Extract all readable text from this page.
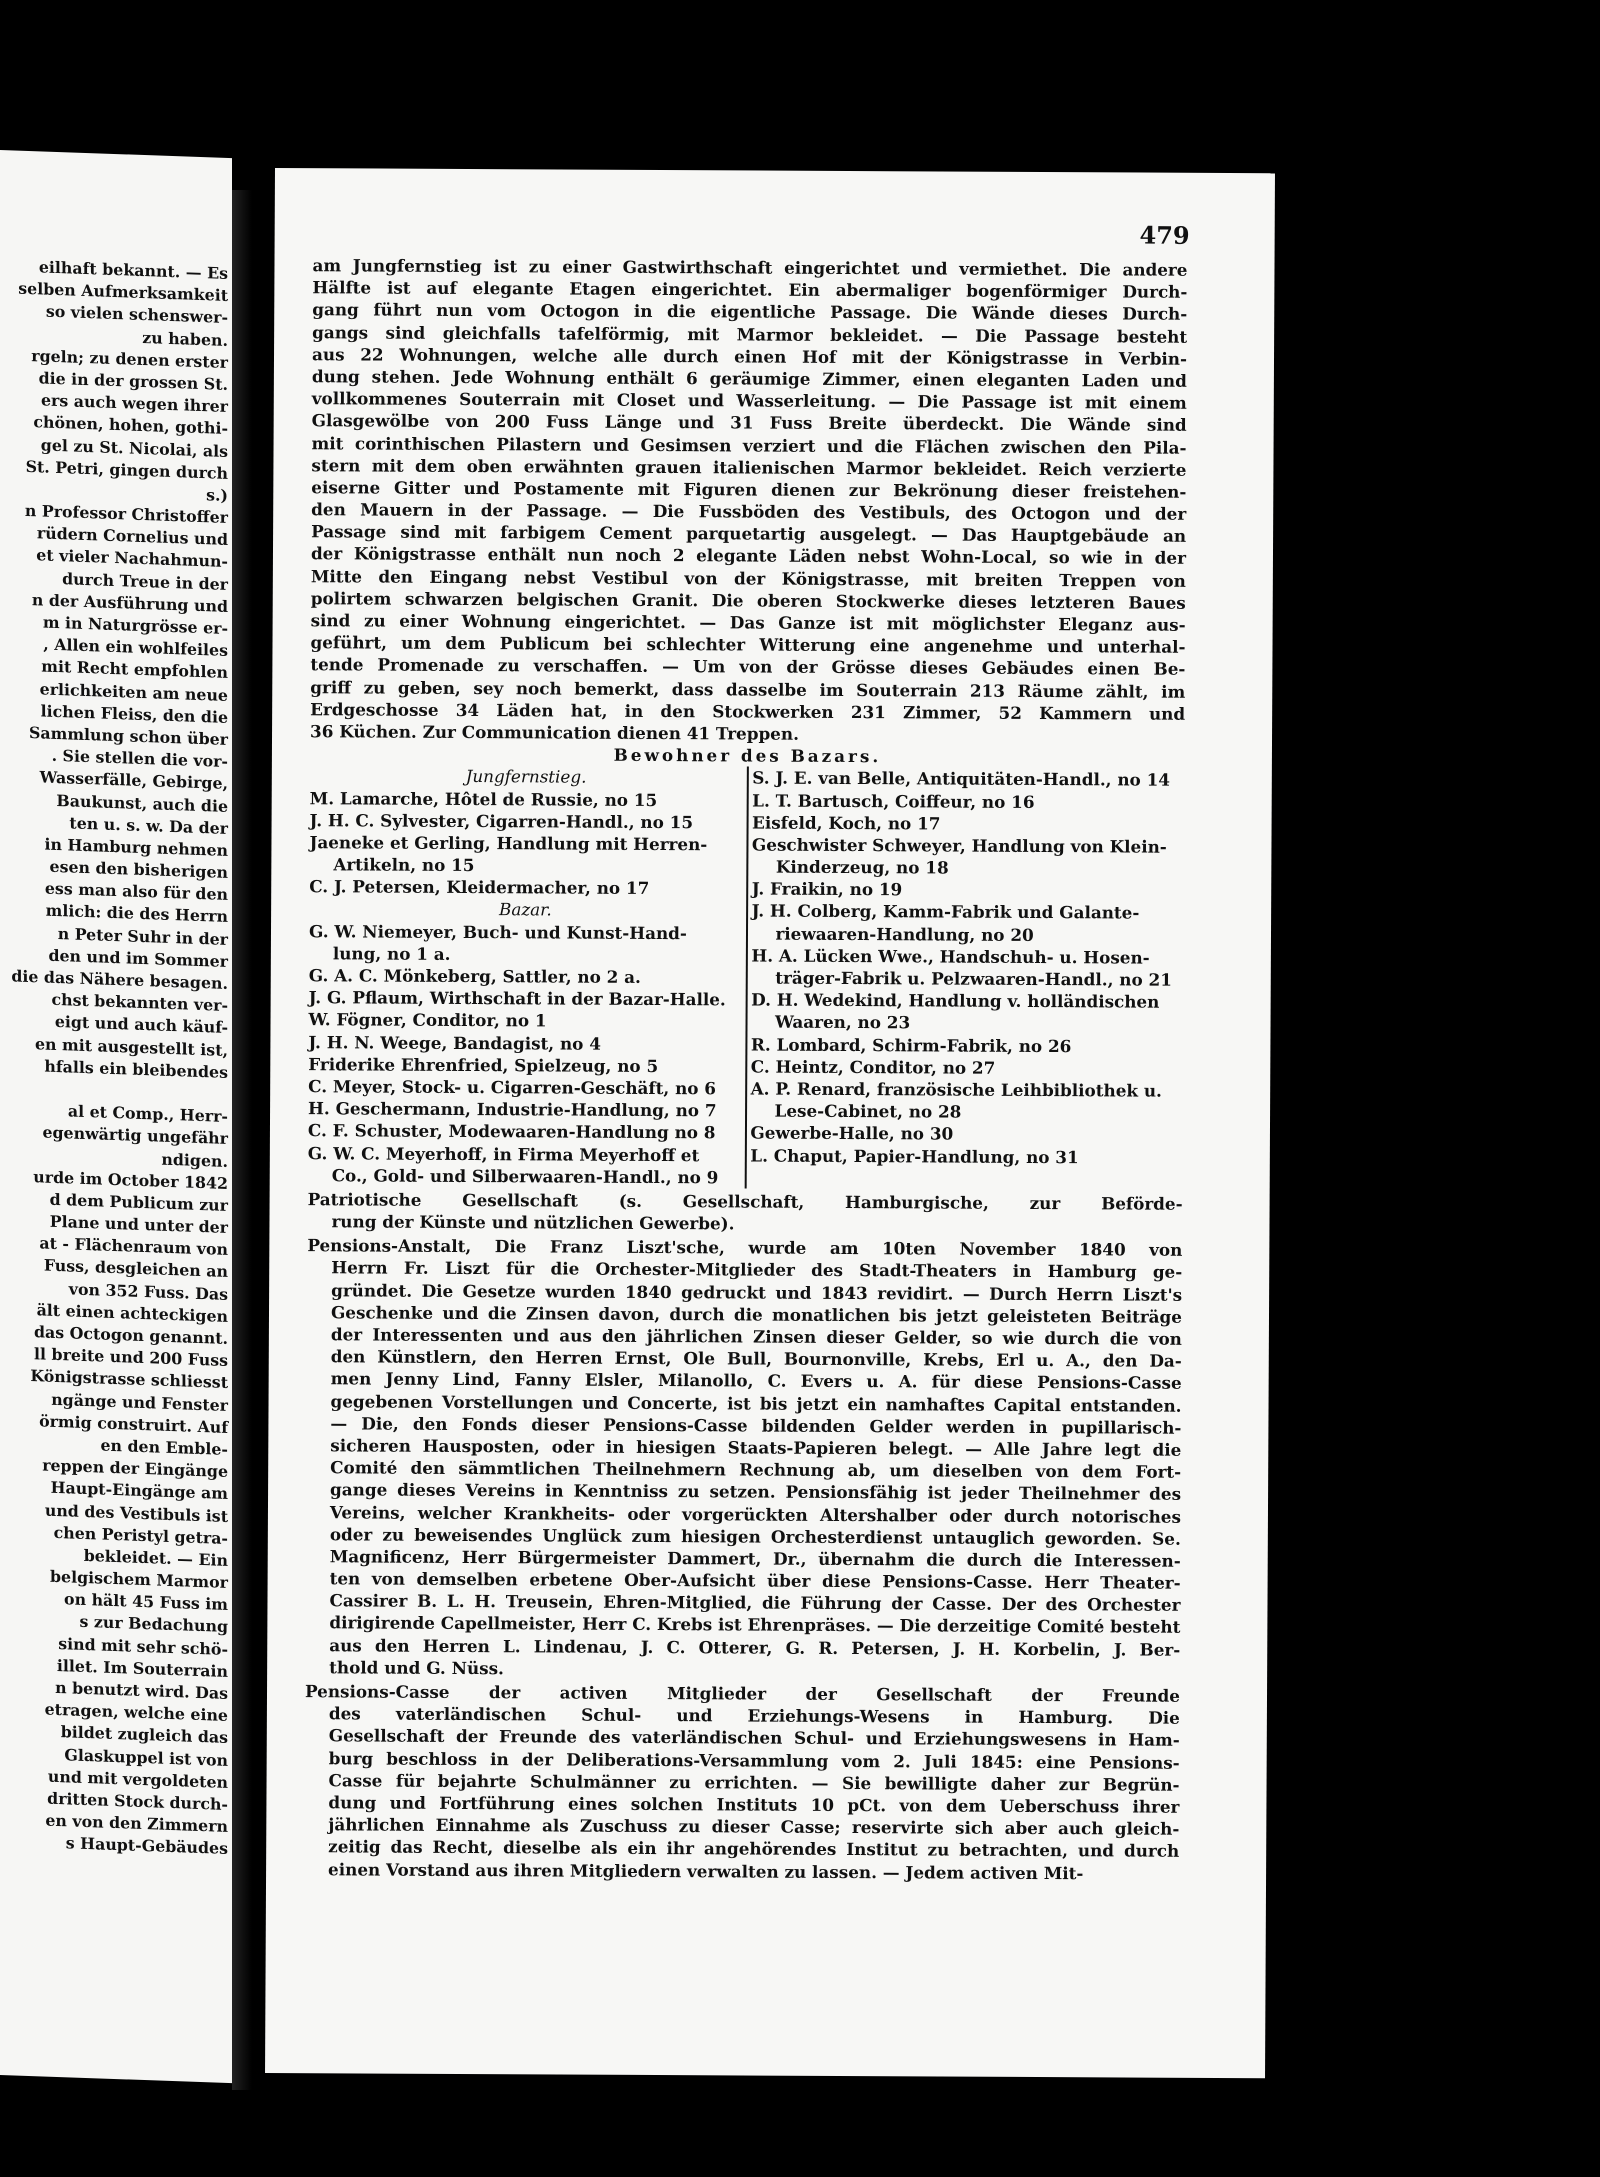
eilhaft bekannt. — Es
selben Aufmerksamkeit
so vielen schenswer-
zu haben.
rgeln; zu denen erster
die in der grossen St.
ers auch wegen ihrer
chönen, hohen, gothi-
gel zu St. Nicolai, als
St. Petri, gingen durch
s.)
n Professor Christoffer
rüdern Cornelius und
et vieler Nachahmun-
durch Treue in der
n der Ausführung und
m in Naturgrösse er-
, Allen ein wohlfeiles
mit Recht empfohlen
erlichkeiten am neue
lichen Fleiss, den die
Sammlung schon über
. Sie stellen die vor-
Wasserfälle, Gebirge,
Baukunst, auch die
ten u. s. w. Da der
in Hamburg nehmen
esen den bisherigen
ess man also für den
mlich: die des Herrn
n Peter Suhr in der
den und im Sommer
die das Nähere besagen.
chst bekannten ver-
eigt und auch käuf-
en mit ausgestellt ist,
hfalls ein bleibendes
al et Comp., Herr-
egenwärtig ungefähr
ndigen.
urde im October 1842
d dem Publicum zur
Plane und unter der
at - Flächenraum von
Fuss, desgleichen an
von 352 Fuss. Das
ält einen achteckigen
das Octogon genannt.
ll breite und 200 Fuss
Königstrasse schliesst
ngänge und Fenster
örmig construirt. Auf
en den Emble-
reppen der Eingänge
Haupt-Eingänge am
und des Vestibuls ist
chen Peristyl getra-
bekleidet. — Ein
belgischem Marmor
on hält 45 Fuss im
s zur Bedachung
sind mit sehr schö-
illet. Im Souterrain
n benutzt wird. Das
etragen, welche eine
bildet zugleich das
Glaskuppel ist von
und mit vergoldeten
dritten Stock durch-
en von den Zimmern
s Haupt-Gebäudes
479
am Jungfernstieg ist zu einer Gastwirthschaft eingerichtet und vermiethet. Die andere
Hälfte ist auf elegante Etagen eingerichtet. Ein abermaliger bogenförmiger Durch-
gang führt nun vom Octogon in die eigentliche Passage. Die Wände dieses Durch-
gangs sind gleichfalls tafelförmig, mit Marmor bekleidet. — Die Passage besteht
aus 22 Wohnungen, welche alle durch einen Hof mit der Königstrasse in Verbin-
dung stehen. Jede Wohnung enthält 6 geräumige Zimmer, einen eleganten Laden und
vollkommenes Souterrain mit Closet und Wasserleitung. — Die Passage ist mit einem
Glasgewölbe von 200 Fuss Länge und 31 Fuss Breite überdeckt. Die Wände sind
mit corinthischen Pilastern und Gesimsen verziert und die Flächen zwischen den Pila-
stern mit dem oben erwähnten grauen italienischen Marmor bekleidet. Reich verzierte
eiserne Gitter und Postamente mit Figuren dienen zur Bekrönung dieser freistehen-
den Mauern in der Passage. — Die Fussböden des Vestibuls, des Octogon und der
Passage sind mit farbigem Cement parquetartig ausgelegt. — Das Hauptgebäude an
der Königstrasse enthält nun noch 2 elegante Läden nebst Wohn-Local, so wie in der
Mitte den Eingang nebst Vestibul von der Königstrasse, mit breiten Treppen von
polirtem schwarzen belgischen Granit. Die oberen Stockwerke dieses letzteren Baues
sind zu einer Wohnung eingerichtet. — Das Ganze ist mit möglichster Eleganz aus-
geführt, um dem Publicum bei schlechter Witterung eine angenehme und unterhal-
tende Promenade zu verschaffen. — Um von der Grösse dieses Gebäudes einen Be-
griff zu geben, sey noch bemerkt, dass dasselbe im Souterrain 213 Räume zählt, im
Erdgeschosse 34 Läden hat, in den Stockwerken 231 Zimmer, 52 Kammern und
36 Küchen. Zur Communication dienen 41 Treppen.
Bewohner des Bazars.
Jungfernstieg.
M. Lamarche, Hôtel de Russie, no 15
J. H. C. Sylvester, Cigarren-Handl., no 15
Jaeneke et Gerling, Handlung mit Herren-
Artikeln, no 15
C. J. Petersen, Kleidermacher, no 17
Bazar.
G. W. Niemeyer, Buch- und Kunst-Hand-
lung, no 1 a.
G. A. C. Mönkeberg, Sattler, no 2 a.
J. G. Pflaum, Wirthschaft in der Bazar-Halle.
W. Fögner, Conditor, no 1
J. H. N. Weege, Bandagist, no 4
Friderike Ehrenfried, Spielzeug, no 5
C. Meyer, Stock- u. Cigarren-Geschäft, no 6
H. Geschermann, Industrie-Handlung, no 7
C. F. Schuster, Modewaaren-Handlung no 8
G. W. C. Meyerhoff, in Firma Meyerhoff et
Co., Gold- und Silberwaaren-Handl., no 9
S. J. E. van Belle, Antiquitäten-Handl., no 14
L. T. Bartusch, Coiffeur, no 16
Eisfeld, Koch, no 17
Geschwister Schweyer, Handlung von Klein-
Kinderzeug, no 18
J. Fraikin, no 19
J. H. Colberg, Kamm-Fabrik und Galante-
riewaaren-Handlung, no 20
H. A. Lücken Wwe., Handschuh- u. Hosen-
träger-Fabrik u. Pelzwaaren-Handl., no 21
D. H. Wedekind, Handlung v. holländischen
Waaren, no 23
R. Lombard, Schirm-Fabrik, no 26
C. Heintz, Conditor, no 27
A. P. Renard, französische Leihbibliothek u.
Lese-Cabinet, no 28
Gewerbe-Halle, no 30
L. Chaput, Papier-Handlung, no 31
Patriotische Gesellschaft (s. Gesellschaft, Hamburgische, zur Beförde-
rung der Künste und nützlichen Gewerbe).
Pensions-Anstalt, Die Franz Liszt'sche, wurde am 10ten November 1840 von
Herrn Fr. Liszt für die Orchester-Mitglieder des Stadt-Theaters in Hamburg ge-
gründet. Die Gesetze wurden 1840 gedruckt und 1843 revidirt. — Durch Herrn Liszt's
Geschenke und die Zinsen davon, durch die monatlichen bis jetzt geleisteten Beiträge
der Interessenten und aus den jährlichen Zinsen dieser Gelder, so wie durch die von
den Künstlern, den Herren Ernst, Ole Bull, Bournonville, Krebs, Erl u. A., den Da-
men Jenny Lind, Fanny Elsler, Milanollo, C. Evers u. A. für diese Pensions-Casse
gegebenen Vorstellungen und Concerte, ist bis jetzt ein namhaftes Capital entstanden.
— Die, den Fonds dieser Pensions-Casse bildenden Gelder werden in pupillarisch-
sicheren Hausposten, oder in hiesigen Staats-Papieren belegt. — Alle Jahre legt die
Comité den sämmtlichen Theilnehmern Rechnung ab, um dieselben von dem Fort-
gange dieses Vereins in Kenntniss zu setzen. Pensionsfähig ist jeder Theilnehmer des
Vereins, welcher Krankheits- oder vorgerückten Altershalber oder durch notorisches
oder zu beweisendes Unglück zum hiesigen Orchesterdienst untauglich geworden. Se.
Magnificenz, Herr Bürgermeister Dammert, Dr., übernahm die durch die Interessen-
ten von demselben erbetene Ober-Aufsicht über diese Pensions-Casse. Herr Theater-
Cassirer B. L. H. Treusein, Ehren-Mitglied, die Führung der Casse. Der des Orchester
dirigirende Capellmeister, Herr C. Krebs ist Ehrenpräses. — Die derzeitige Comité besteht
aus den Herren L. Lindenau, J. C. Otterer, G. R. Petersen, J. H. Korbelin, J. Ber-
thold und G. Nüss.
Pensions-Casse der activen Mitglieder der Gesellschaft der Freunde
des vaterländischen Schul- und Erziehungs-Wesens in Hamburg. Die
Gesellschaft der Freunde des vaterländischen Schul- und Erziehungswesens in Ham-
burg beschloss in der Deliberations-Versammlung vom 2. Juli 1845: eine Pensions-
Casse für bejahrte Schulmänner zu errichten. — Sie bewilligte daher zur Begrün-
dung und Fortführung eines solchen Instituts 10 pCt. von dem Ueberschuss ihrer
jährlichen Einnahme als Zuschuss zu dieser Casse; reservirte sich aber auch gleich-
zeitig das Recht, dieselbe als ein ihr angehörendes Institut zu betrachten, und durch
einen Vorstand aus ihren Mitgliedern verwalten zu lassen. — Jedem activen Mit-
